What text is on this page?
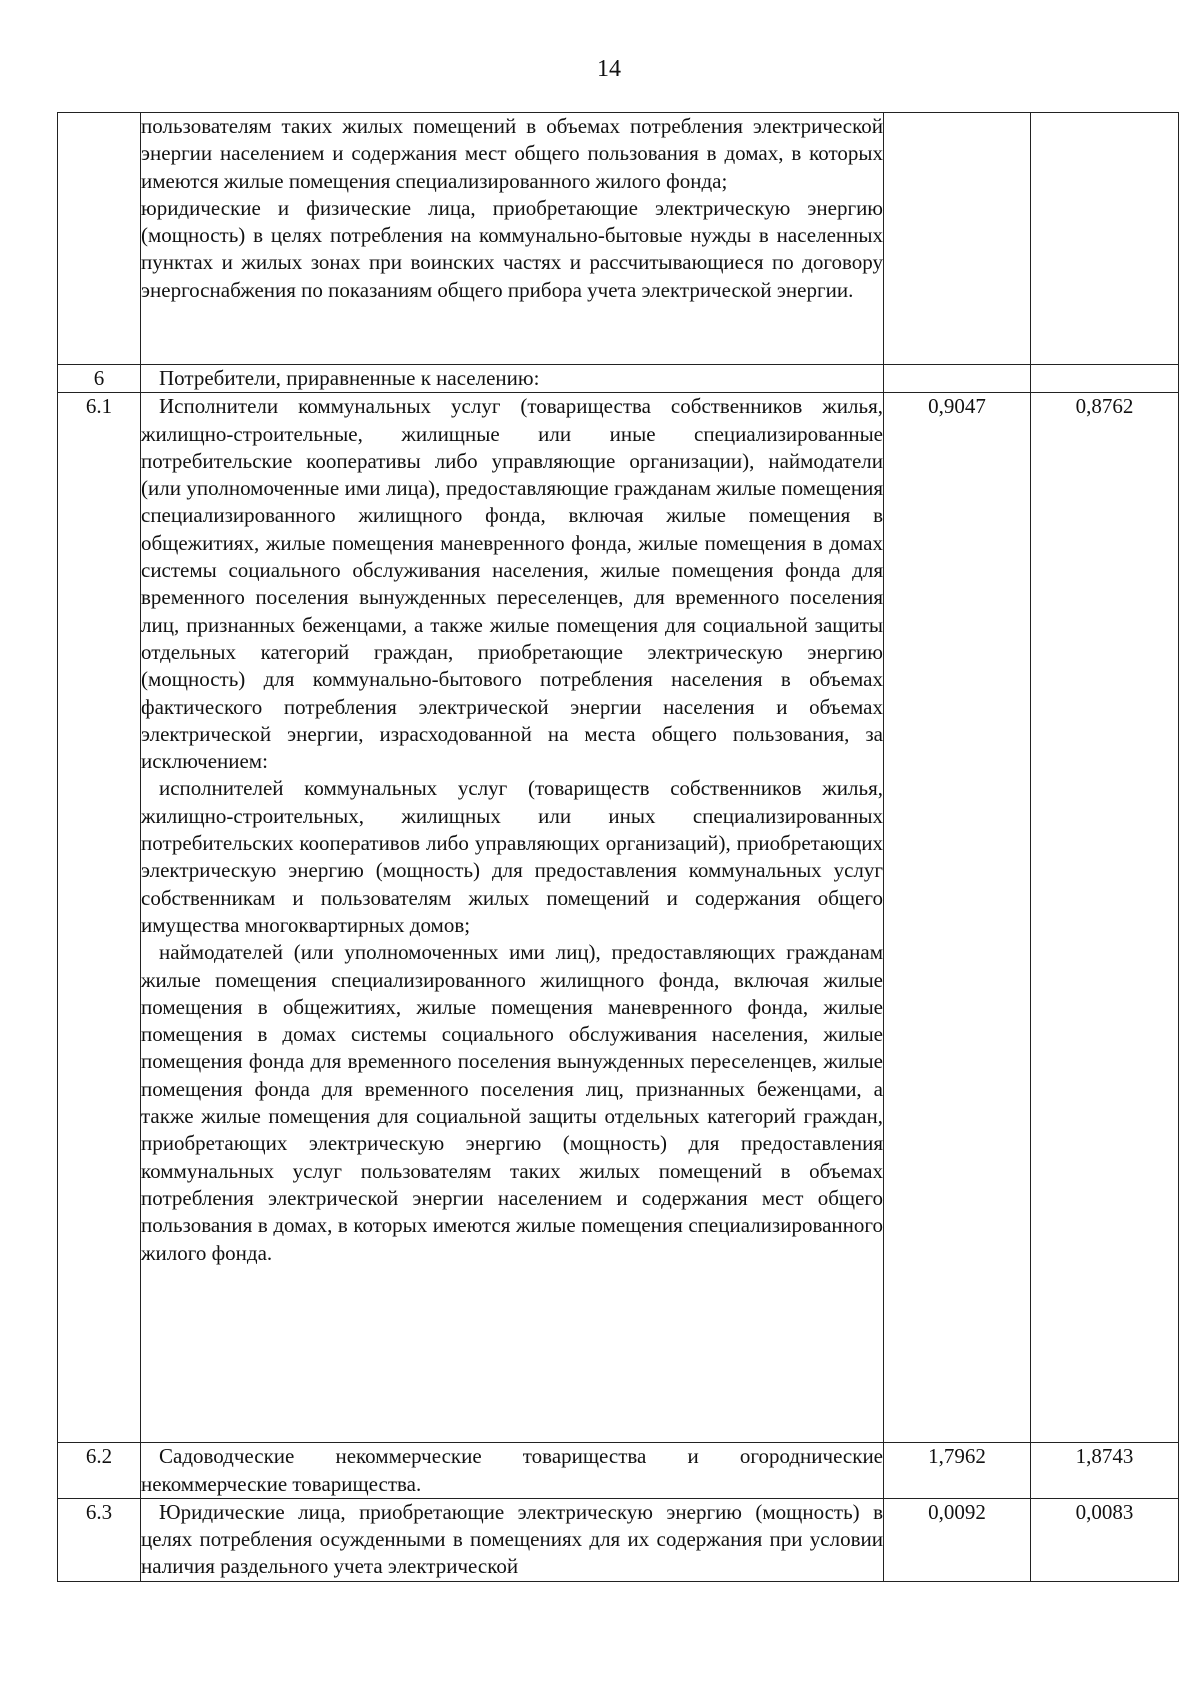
14

	пользователям таких жилых помещений в объемах потребления электрической энергии населением и содержания мест общего пользования в домах, в которых имеются жилые помещения специализированного жилого фонда;
юридические и физические лица, приобретающие электрическую энергию (мощность) в целях потребления на коммунально-бытовые нужды в населенных пунктах и жилых зонах при воинских частях и рассчитывающиеся по договору энергоснабжения по показаниям общего прибора учета электрической энергии.		

6	Потребители, приравненные к населению:		

6.1	Исполнители коммунальных услуг (товарищества собственников жилья, жилищно-строительные, жилищные или иные специализированные потребительские кооперативы либо управляющие организации), наймодатели (или уполномоченные ими лица), предоставляющие гражданам жилые помещения специализированного жилищного фонда, включая жилые помещения в общежитиях, жилые помещения маневренного фонда, жилые помещения в домах системы социального обслуживания населения, жилые помещения фонда для временного поселения вынужденных переселенцев, для временного поселения лиц, признанных беженцами, а также жилые помещения для социальной защиты отдельных категорий граждан, приобретающие электрическую энергию (мощность) для коммунально-бытового потребления населения в объемах фактического потребления электрической энергии населения и объемах электрической энергии, израсходованной на места общего пользования, за исключением:
исполнителей коммунальных услуг (товариществ собственников жилья, жилищно-строительных, жилищных или иных специализированных потребительских кооперативов либо управляющих организаций), приобретающих электрическую энергию (мощность) для предоставления коммунальных услуг собственникам и пользователям жилых помещений и содержания общего имущества многоквартирных домов;
наймодателей (или уполномоченных ими лиц), предоставляющих гражданам жилые помещения специализированного жилищного фонда, включая жилые помещения в общежитиях, жилые помещения маневренного фонда, жилые помещения в домах системы социального обслуживания населения, жилые помещения фонда для временного поселения вынужденных переселенцев, жилые помещения фонда для временного поселения лиц, признанных беженцами, а также жилые помещения для социальной защиты отдельных категорий граждан, приобретающих электрическую энергию (мощность) для предоставления коммунальных услуг пользователям таких жилых помещений в объемах потребления электрической энергии населением и содержания мест общего пользования в домах, в которых имеются жилые помещения специализированного жилого фонда.	0,9047	0,8762
6.2	Садоводческие некоммерческие товарищества и огороднические некоммерческие товарищества.	1,7962	1,8743
6.3	Юридические лица, приобретающие электрическую энергию (мощность) в целях потребления осужденными в помещениях для их содержания при условии наличия раздельного учета электрической	0,0092	0,0083
